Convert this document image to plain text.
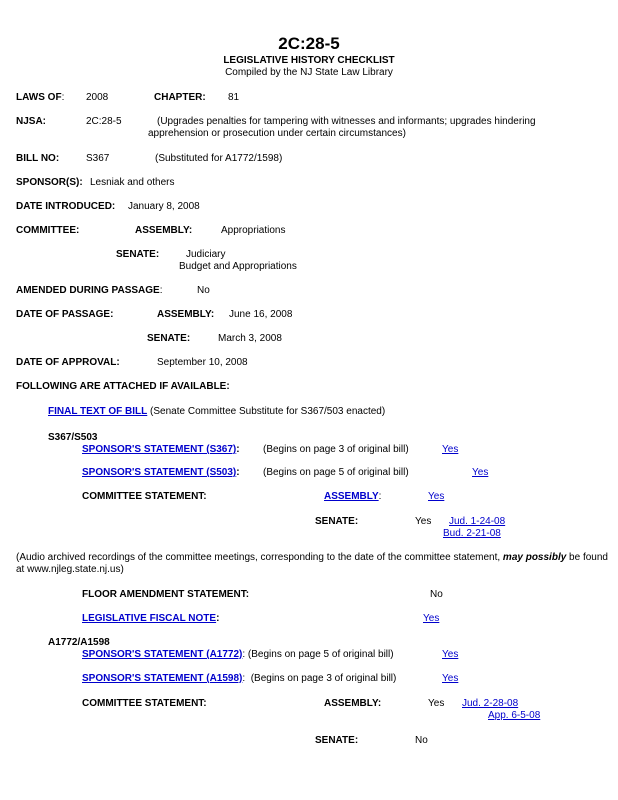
2C:28-5
LEGISLATIVE HISTORY CHECKLIST
Compiled by the NJ State Law Library
LAWS OF: 2008	CHAPTER: 81
NJSA:	2C:28-5	(Upgrades penalties for tampering with witnesses and informants; upgrades hindering
apprehension or prosecution under certain circumstances)
BILL NO:	S367	(Substituted for A1772/1598)
SPONSOR(S): Lesniak and others
DATE INTRODUCED: January 8, 2008
COMMITTEE:	ASSEMBLY:	Appropriations
SENATE:	Judiciary
Budget and Appropriations
AMENDED DURING PASSAGE:	No
DATE OF PASSAGE:	ASSEMBLY: June 16, 2008
SENATE:	March 3, 2008
DATE OF APPROVAL:	September 10, 2008
FOLLOWING ARE ATTACHED IF AVAILABLE:
FINAL TEXT OF BILL (Senate Committee Substitute for S367/503 enacted)
S367/S503
SPONSOR'S STATEMENT (S367): (Begins on page 3 of original bill)	Yes
SPONSOR'S STATEMENT (S503): (Begins on page 5 of original bill)	Yes
COMMITTEE STATEMENT:	ASSEMBLY:	Yes
SENATE:	Yes Jud. 1-24-08
Bud. 2-21-08
(Audio archived recordings of the committee meetings, corresponding to the date of the committee statement, may possibly be found
at www.njleg.state.nj.us)
FLOOR AMENDMENT STATEMENT:	No
LEGISLATIVE FISCAL NOTE:	Yes
A1772/A1598
SPONSOR'S STATEMENT (A1772): (Begins on page 5 of original bill)	Yes
SPONSOR'S STATEMENT (A1598):  (Begins on page 3 of original bill)	Yes
COMMITTEE STATEMENT:	ASSEMBLY:	Yes Jud. 2-28-08
App. 6-5-08
SENATE:	No
